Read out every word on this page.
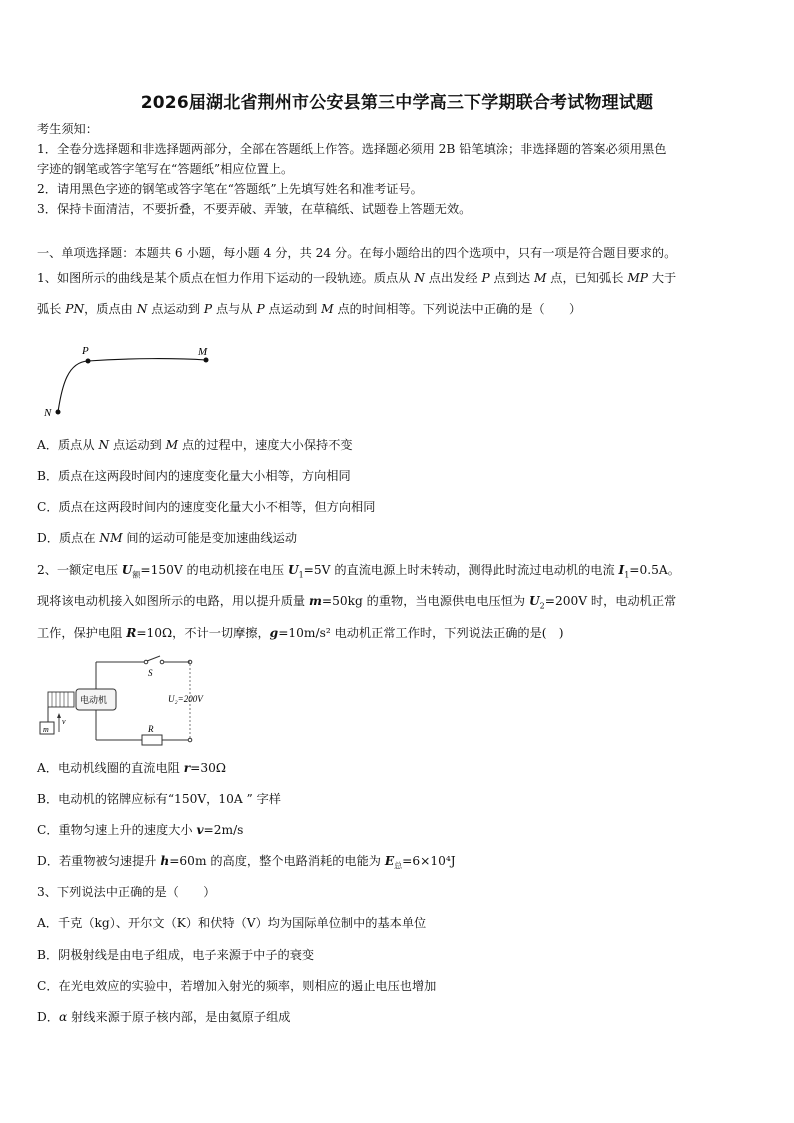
2026届湖北省荆州市公安县第三中学高三下学期联合考试物理试题
考生须知：
1．全卷分选择题和非选择题两部分，全部在答题纸上作答。选择题必须用 2B 铅笔填涂；非选择题的答案必须用黑色
字迹的钢笔或答字笔写在“答题纸”相应位置上。
2．请用黑色字迹的钢笔或答字笔在“答题纸”上先填写姓名和准考证号。
3．保持卡面清洁，不要折叠，不要弄破、弄皱，在草稿纸、试题卷上答题无效。
一、单项选择题：本题共 6 小题，每小题 4 分，共 24 分。在每小题给出的四个选项中，只有一项是符合题目要求的。
1、如图所示的曲线是某个质点在恒力作用下运动的一段轨迹。质点从 N 点出发经 P 点到达 M 点，已知弧长 MP 大于
弧长 PN，质点由 N 点运动到 P 点与从 P 点运动到 M 点的时间相等。下列说法中正确的是（　　）
P	M
N
A．质点从 N 点运动到 M 点的过程中，速度大小保持不变
B．质点在这两段时间内的速度变化量大小相等，方向相同
C．质点在这两段时间内的速度变化量大小不相等，但方向相同
D．质点在 NM 间的运动可能是变加速曲线运动
2、一额定电压 $U_额=150V$ 的电动机接在电压 $U_1=5V$ 的直流电源上时未转动，测得此时流过电动机的电流 $I_1=0.5A$。
现将该电动机接入如图所示的电路，用以提升质量 m=50kg 的重物，当电源供电电压恒为 $U_2=200V$ 时，电动机正常
工作，保护电阻 R=10Ω，不计一切摩擦，g=10m/s² 电动机正常工作时，下列说法正确的是(　)
S
U₂=200V
R
电动机
m
v
A．电动机线圈的直流电阻 r=30Ω
B．电动机的铭牌应标有“150V，10A ” 字样
C．重物匀速上升的速度大小 v=2m/s
D．若重物被匀速提升 h=60m 的高度，整个电路消耗的电能为 $E_总=6\times 10^4J$
3、下列说法中正确的是（　　）
A．千克（kg）、开尔文（K）和伏特（V）均为国际单位制中的基本单位
B．阴极射线是由电子组成，电子来源于中子的衰变
C．在光电效应的实验中，若增加入射光的频率，则相应的遏止电压也增加
D．α 射线来源于原子核内部，是由氦原子组成
